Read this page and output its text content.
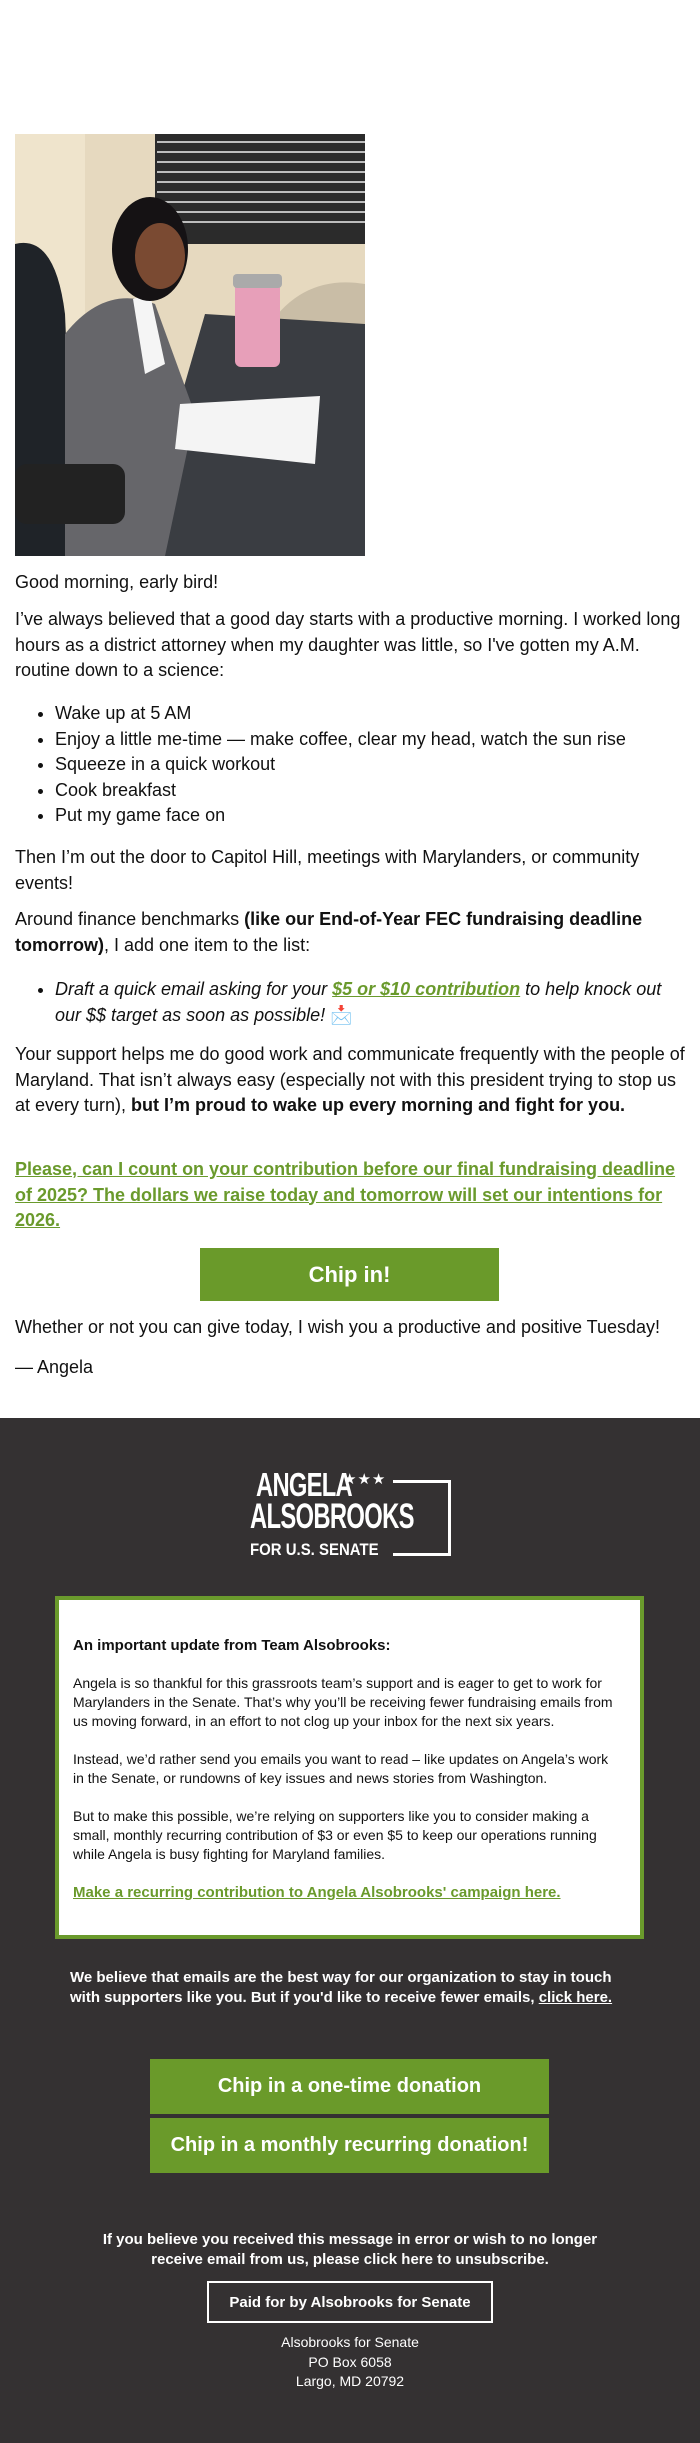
Good morning, early bird!

I’ve always believed that a good day starts with a productive morning. I worked long hours as a district attorney when my daughter was little, so I've gotten my A.M. routine down to a science:

• Wake up at 5 AM
• Enjoy a little me-time — make coffee, clear my head, watch the sun rise
• Squeeze in a quick workout
• Cook breakfast
• Put my game face on

Then I’m out the door to Capitol Hill, meetings with Marylanders, or community events!

Around finance benchmarks (like our End-of-Year FEC fundraising deadline tomorrow), I add one item to the list:

• Draft a quick email asking for your $5 or $10 contribution to help knock out our $$ target as soon as possible! 📩

Your support helps me do good work and communicate frequently with the people of Maryland. That isn’t always easy (especially not with this president trying to stop us at every turn), but I’m proud to wake up every morning and fight for you.

Please, can I count on your contribution before our final fundraising deadline of 2025? The dollars we raise today and tomorrow will set our intentions for 2026.

Whether or not you can give today, I wish you a productive and positive Tuesday!

— Angela

Chip in!
ANGELA
★★★
ALSOBROOKS
FOR U.S. SENATE

An important update from Team Alsobrooks:

Angela is so thankful for this grassroots team’s support and is eager to get to work for Marylanders in the Senate. That’s why you’ll be receiving fewer fundraising emails from us moving forward, in an effort to not clog up your inbox for the next six years.

Instead, we’d rather send you emails you want to read – like updates on Angela’s work in the Senate, or rundowns of key issues and news stories from Washington.

But to make this possible, we’re relying on supporters like you to consider making a small, monthly recurring contribution of $3 or even $5 to keep our operations running while Angela is busy fighting for Maryland families.

Make a recurring contribution to Angela Alsobrooks' campaign here.

We believe that emails are the best way for our organization to stay in touch with supporters like you. But if you'd like to receive fewer emails, click here.

Chip in a one-time donation
Chip in a monthly recurring donation!

If you believe you received this message in error or wish to no longer receive email from us, please click here to unsubscribe.

Paid for by Alsobrooks for Senate
Alsobrooks for Senate
PO Box 6058
Largo, MD 20792
